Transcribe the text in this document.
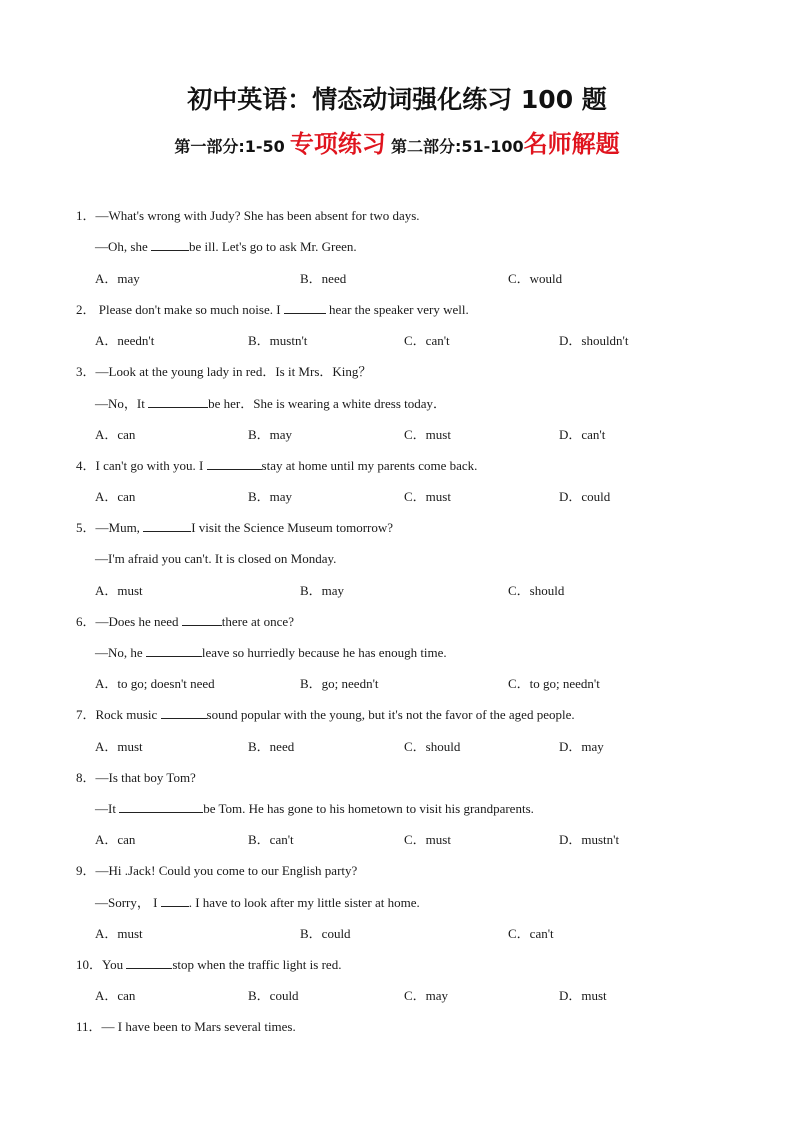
初中英语：情态动词强化练习 100 题
第一部分:1-50 专项练习 第二部分:51-100名师解题
1．—What's wrong with Judy? She has been absent for two days.
—Oh, she	be ill. Let's go to ask Mr. Green.
A．may	B．need	C．would
2． Please don't make so much noise. I	hear the speaker very well.
A．needn't	B．mustn't	C．can't	D．shouldn't
3．—Look at the young lady in red．Is it Mrs．King？
—No，It	be her．She is wearing a white dress today．
A．can	B．may	C．must	D．can't
4．I can't go with you. I	stay at home until my parents come back.
A．can	B．may	C．must	D．could
5．—Mum,	I visit the Science Museum tomorrow?
—I'm afraid you can't. It is closed on Monday.
A．must	B．may	C．should
6．—Does he need	there at once?
—No, he	leave so hurriedly because he has enough time.
A．to go; doesn't need	B．go; needn't	C．to go; needn't
7．Rock music	sound popular with the young, but it's not the favor of the aged people.
A．must	B．need	C．should	D．may
8．—Is that boy Tom?
—It	be Tom. He has gone to his hometown to visit his grandparents.
A．can	B．can't	C．must	D．mustn't
9．—Hi .Jack! Could you come to our English party?
—Sorry， I . I have to look after my little sister at home.
A．must	B．could	C．can't
10．You	stop when the traffic light is red.
A．can	B．could	C．may	D．must
11．— I have been to Mars several times.
